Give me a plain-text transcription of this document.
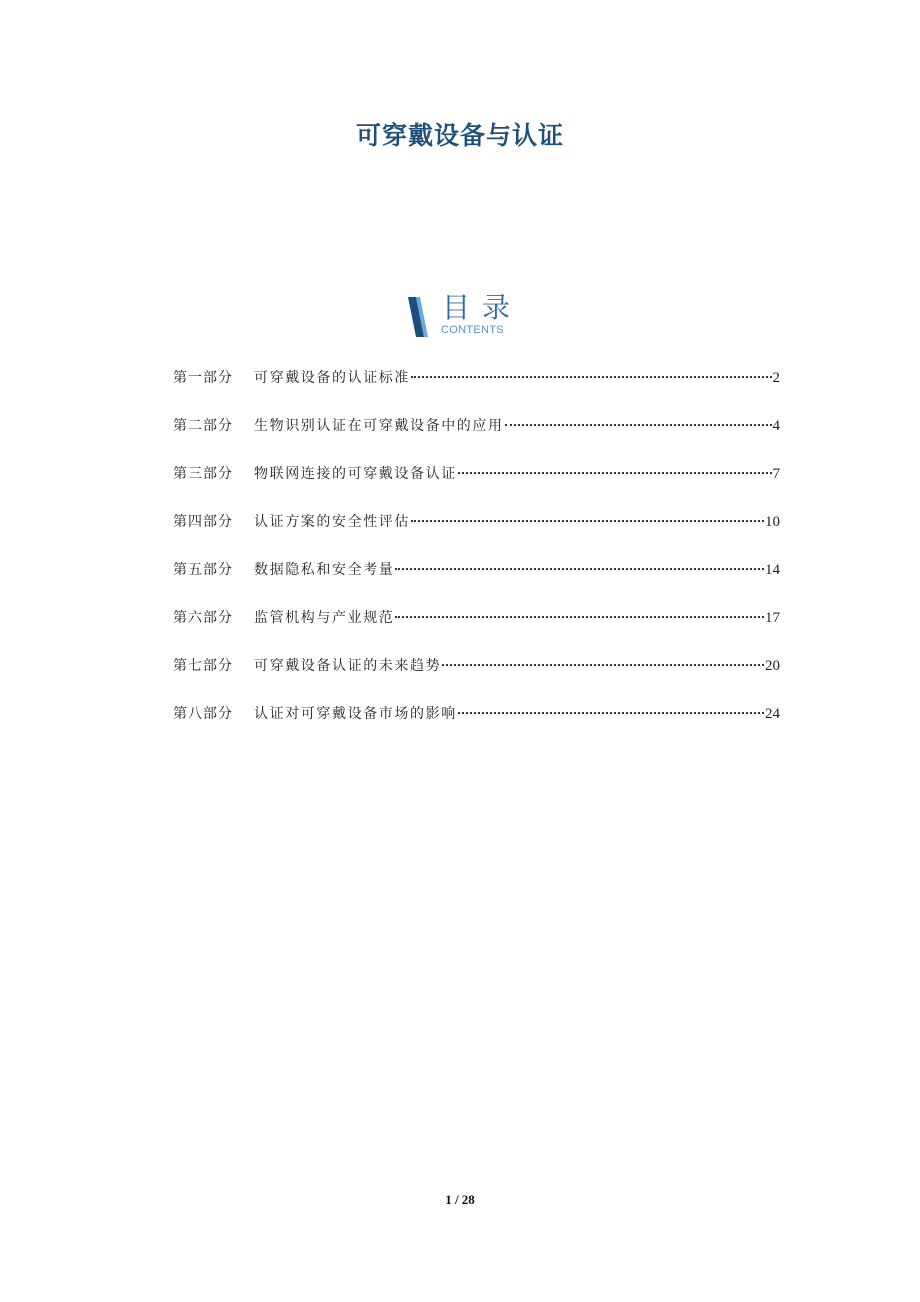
可穿戴设备与认证
目录
CONTENTS
第一部分	可穿戴设备的认证标准	2
第二部分	生物识别认证在可穿戴设备中的应用	4
第三部分	物联网连接的可穿戴设备认证	7
第四部分	认证方案的安全性评估	10
第五部分	数据隐私和安全考量	14
第六部分	监管机构与产业规范	17
第七部分	可穿戴设备认证的未来趋势	20
第八部分	认证对可穿戴设备市场的影响	24
1 / 28
